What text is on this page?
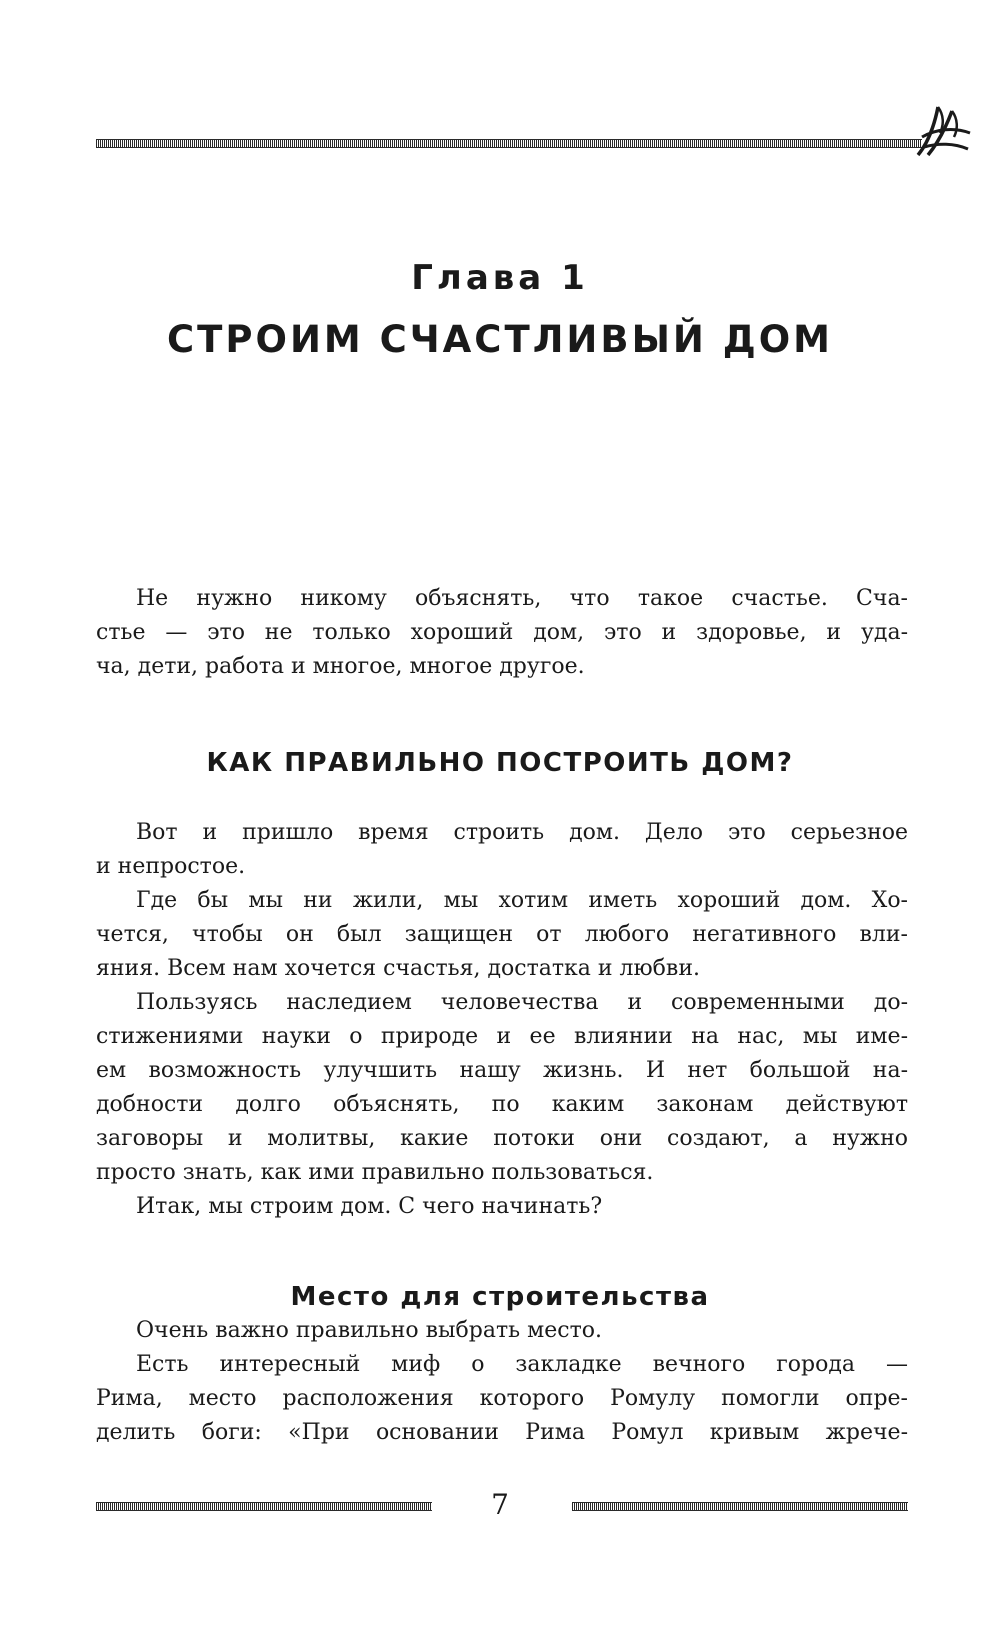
Глава 1
СТРОИМ СЧАСТЛИВЫЙ ДОМ
Не нужно никому объяснять, что такое счастье. Сча-
стье — это не только хороший дом, это и здоровье, и уда-
ча, дети, работа и многое, многое другое.
КАК ПРАВИЛЬНО ПОСТРОИТЬ ДОМ?
Вот и пришло время строить дом. Дело это серьезное
и непростое.
Где бы мы ни жили, мы хотим иметь хороший дом. Хо-
чется, чтобы он был защищен от любого негативного вли-
яния. Всем нам хочется счастья, достатка и любви.
Пользуясь наследием человечества и современными до-
стижениями науки о природе и ее влиянии на нас, мы име-
ем возможность улучшить нашу жизнь. И нет большой на-
добности долго объяснять, по каким законам действуют
заговоры и молитвы, какие потоки они создают, а нужно
просто знать, как ими правильно пользоваться.
Итак, мы строим дом. С чего начинать?
Место для строительства
Очень важно правильно выбрать место.
Есть интересный миф о закладке вечного города —
Рима, место расположения которого Ромулу помогли опре-
делить боги: «При основании Рима Ромул кривым жрече-
7
